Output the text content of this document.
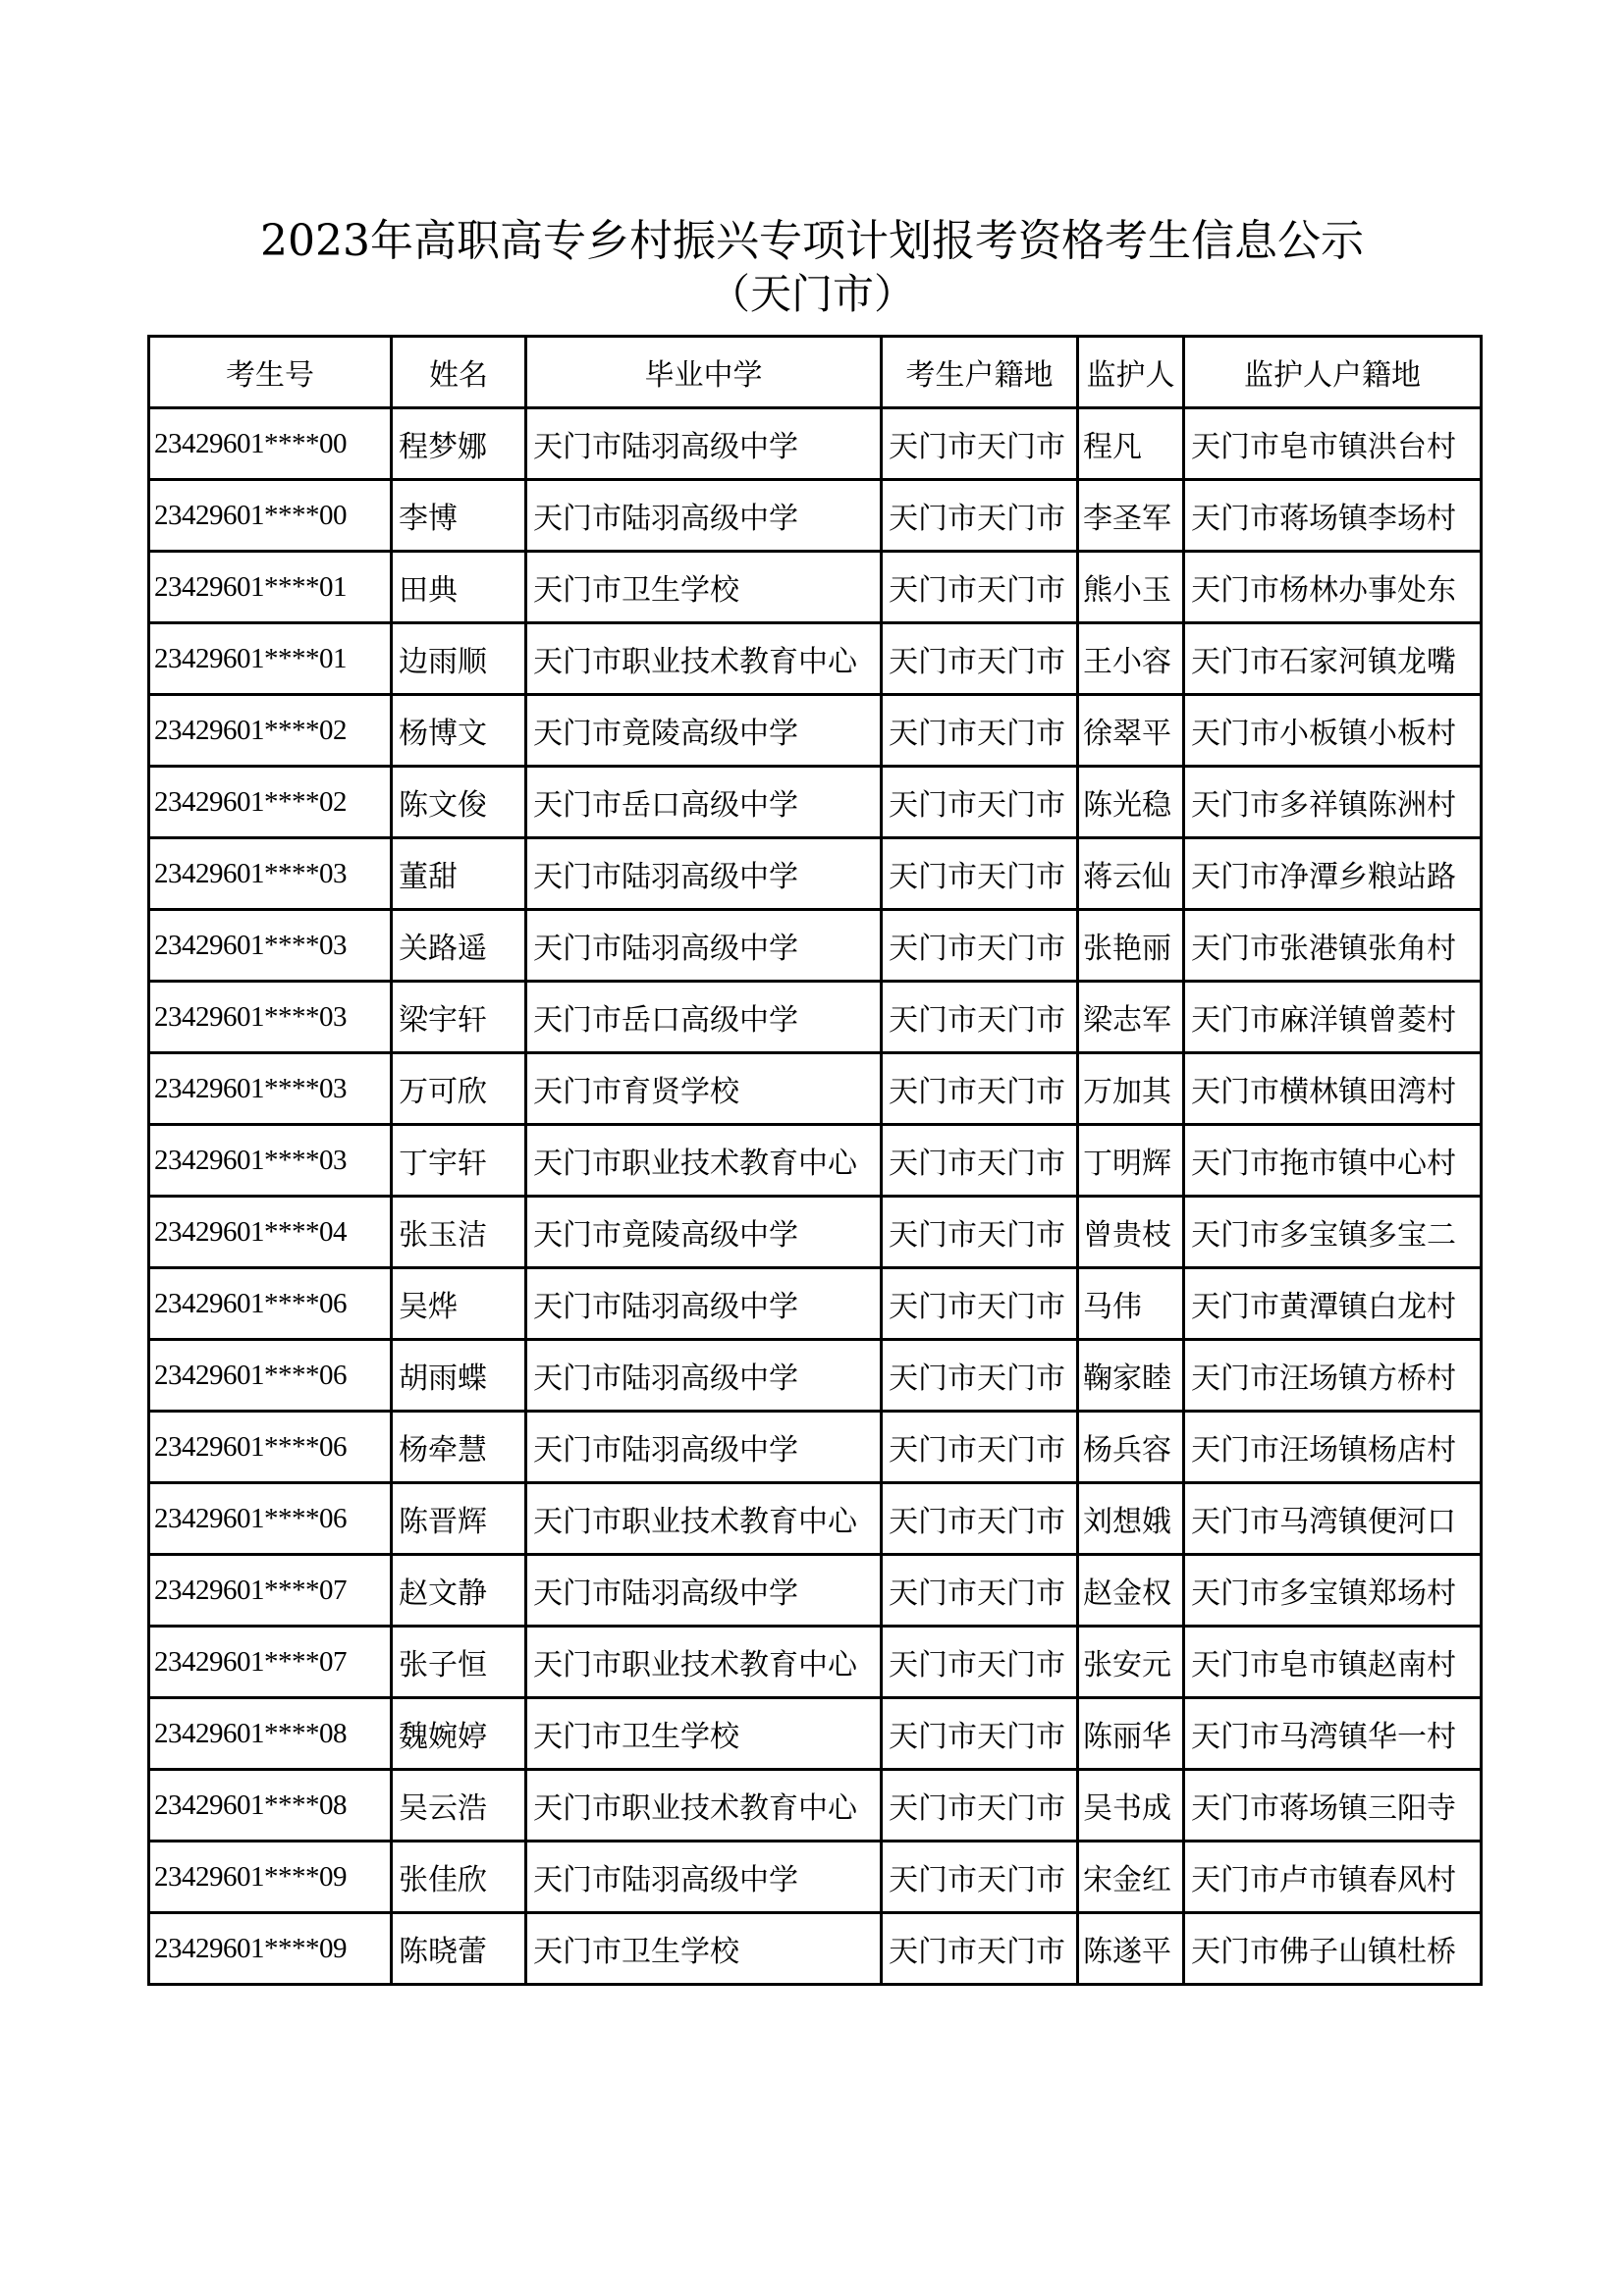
2023年高职高专乡村振兴专项计划报考资格考生信息公示
（天门市）
考生号	姓名	毕业中学	考生户籍地	监护人	监护人户籍地
23429601****00	程梦娜	天门市陆羽高级中学	天门市天门市	程凡	天门市皂市镇洪台村
23429601****00	李博	天门市陆羽高级中学	天门市天门市	李圣军	天门市蒋场镇李场村
23429601****01	田典	天门市卫生学校	天门市天门市	熊小玉	天门市杨林办事处东
23429601****01	边雨顺	天门市职业技术教育中心	天门市天门市	王小容	天门市石家河镇龙嘴
23429601****02	杨博文	天门市竟陵高级中学	天门市天门市	徐翠平	天门市小板镇小板村
23429601****02	陈文俊	天门市岳口高级中学	天门市天门市	陈光稳	天门市多祥镇陈洲村
23429601****03	董甜	天门市陆羽高级中学	天门市天门市	蒋云仙	天门市净潭乡粮站路
23429601****03	关路遥	天门市陆羽高级中学	天门市天门市	张艳丽	天门市张港镇张角村
23429601****03	梁宇轩	天门市岳口高级中学	天门市天门市	梁志军	天门市麻洋镇曾菱村
23429601****03	万可欣	天门市育贤学校	天门市天门市	万加其	天门市横林镇田湾村
23429601****03	丁宇轩	天门市职业技术教育中心	天门市天门市	丁明辉	天门市拖市镇中心村
23429601****04	张玉洁	天门市竟陵高级中学	天门市天门市	曾贵枝	天门市多宝镇多宝二
23429601****06	吴烨	天门市陆羽高级中学	天门市天门市	马伟	天门市黄潭镇白龙村
23429601****06	胡雨蝶	天门市陆羽高级中学	天门市天门市	鞠家睦	天门市汪场镇方桥村
23429601****06	杨牵慧	天门市陆羽高级中学	天门市天门市	杨兵容	天门市汪场镇杨店村
23429601****06	陈晋辉	天门市职业技术教育中心	天门市天门市	刘想娥	天门市马湾镇便河口
23429601****07	赵文静	天门市陆羽高级中学	天门市天门市	赵金权	天门市多宝镇郑场村
23429601****07	张子恒	天门市职业技术教育中心	天门市天门市	张安元	天门市皂市镇赵南村
23429601****08	魏婉婷	天门市卫生学校	天门市天门市	陈丽华	天门市马湾镇华一村
23429601****08	吴云浩	天门市职业技术教育中心	天门市天门市	吴书成	天门市蒋场镇三阳寺
23429601****09	张佳欣	天门市陆羽高级中学	天门市天门市	宋金红	天门市卢市镇春风村
23429601****09	陈晓蕾	天门市卫生学校	天门市天门市	陈遂平	天门市佛子山镇杜桥
